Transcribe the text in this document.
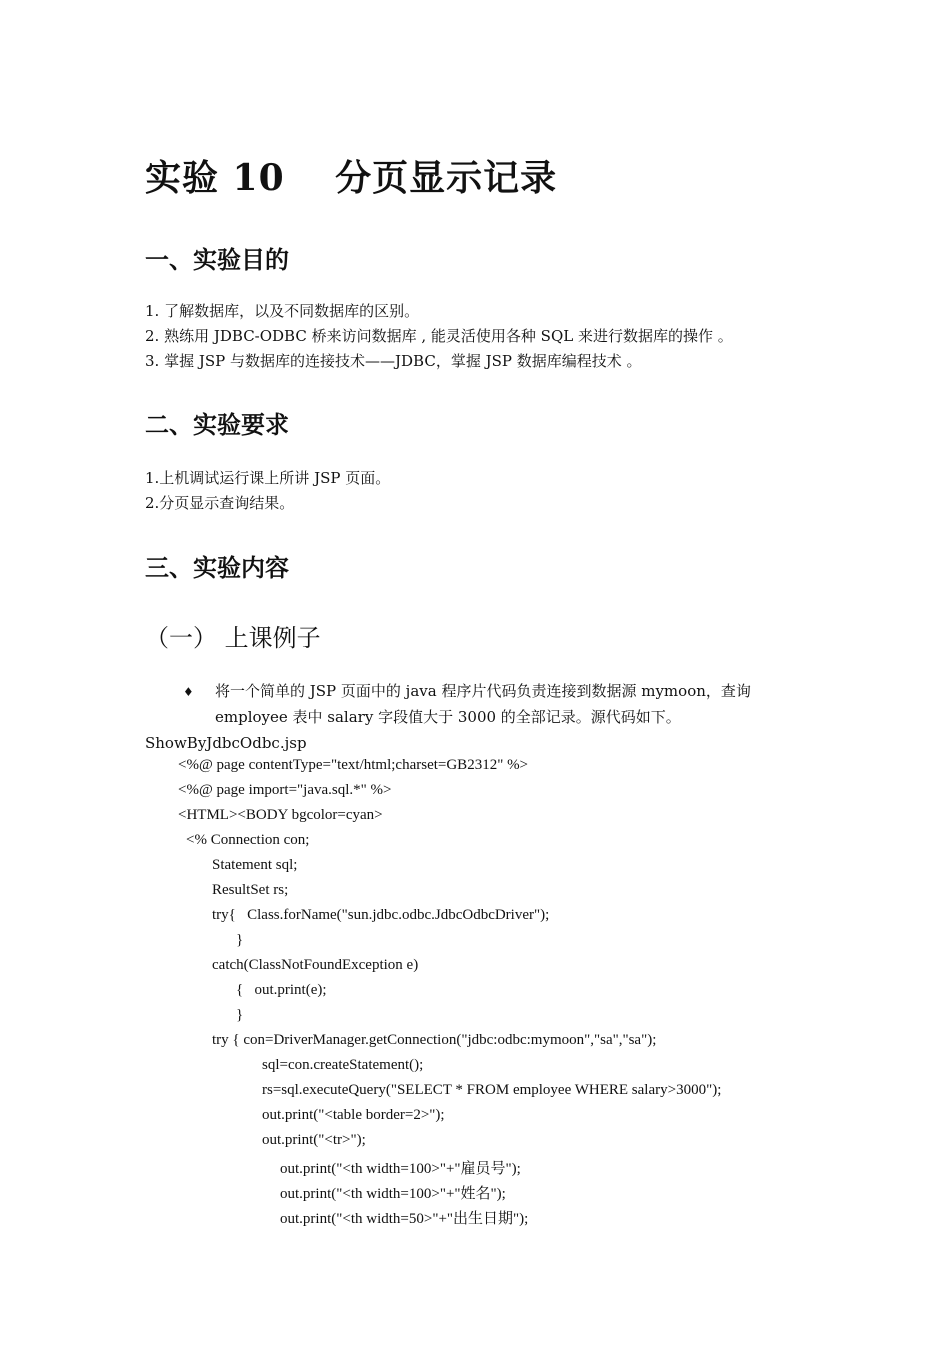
实验 10　 分页显示记录
一、实验目的
1. 了解数据库，以及不同数据库的区别。
2. 熟练用 JDBC-ODBC 桥来访问数据库 , 能灵活使用各种 SQL 来进行数据库的操作 。
3. 掌握 JSP 与数据库的连接技术——JDBC，掌握 JSP 数据库编程技术 。
二、实验要求
1.上机调试运行课上所讲 JSP 页面。
2.分页显示查询结果。
三、实验内容
（一） 上课例子
♦ 将一个简单的 JSP 页面中的 java 程序片代码负责连接到数据源 mymoon，查询
employee 表中 salary 字段值大于 3000 的全部记录。源代码如下。
ShowByJdbcOdbc.jsp
<%@ page contentType="text/html;charset=GB2312" %>
<%@ page import="java.sql.*" %>
<HTML><BODY bgcolor=cyan>
<% Connection con;
Statement sql;
ResultSet rs;
try{   Class.forName("sun.jdbc.odbc.JdbcOdbcDriver");
}
catch(ClassNotFoundException e)
{   out.print(e);
}
try { con=DriverManager.getConnection("jdbc:odbc:mymoon","sa","sa");
sql=con.createStatement();
rs=sql.executeQuery("SELECT * FROM employee WHERE salary>3000");
out.print("<table border=2>");
out.print("<tr>");
out.print("<th width=100>"+"雇员号");
out.print("<th width=100>"+"姓名");
out.print("<th width=50>"+"出生日期");
